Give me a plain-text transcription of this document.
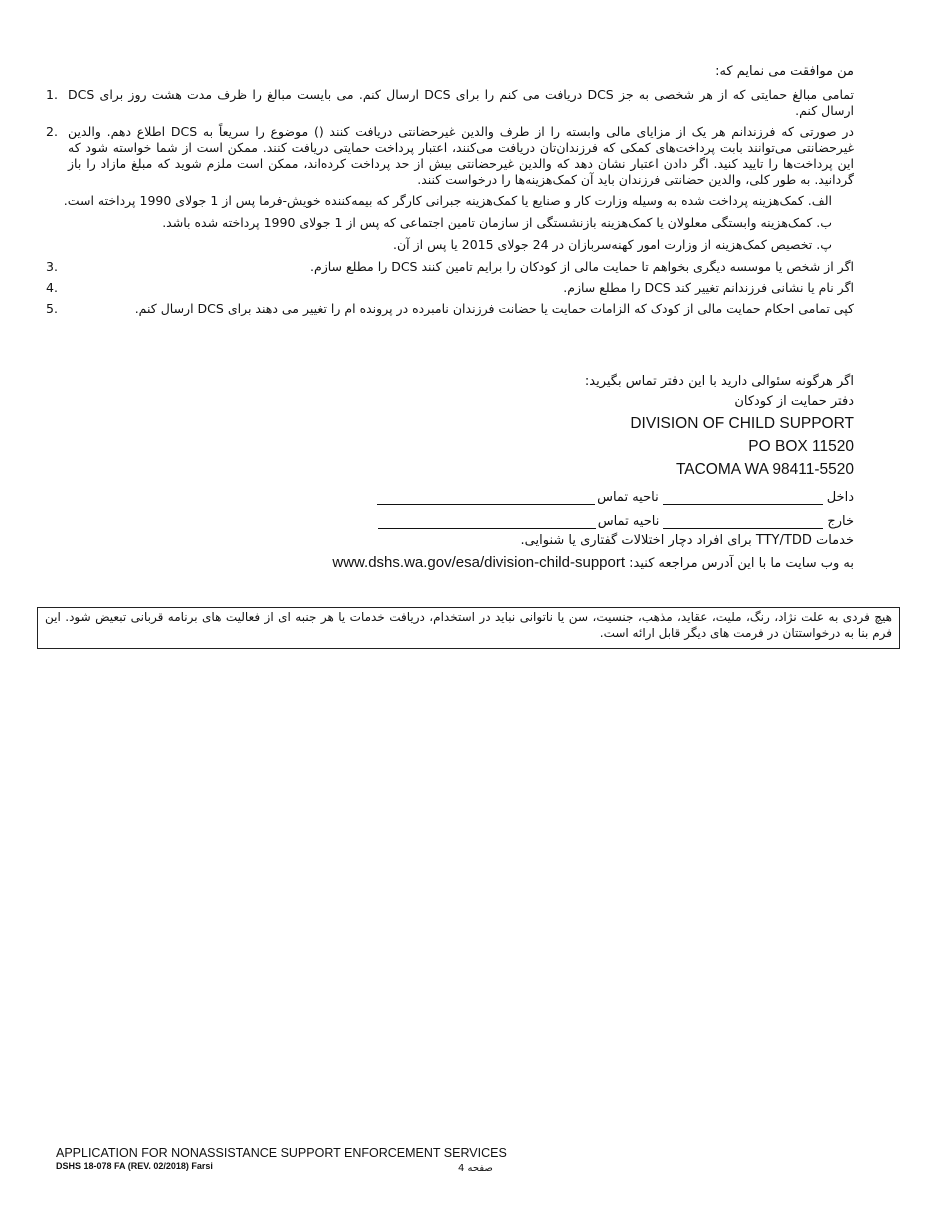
من موافقت می نمایم که:
1. تمامی مبالغ حمایتی که از هر شخصی به جز DCS دریافت می کنم را برای DCS ارسال کنم. می بایست مبالغ را ظرف مدت هشت روز برای DCS ارسال کنم.
2. در صورتی که فرزندانم هر یک از مزایای مالی وابسته را از طرف والدین غیرحضانتی دریافت کنند () موضوع را سریعاً به DCS اطلاع دهم. والدین غیرحضانتی می‌توانند بابت پرداخت‌های کمکی که فرزندان‌تان دریافت می‌کنند، اعتبار پرداخت حمایتی دریافت کنند. ممکن است از شما خواسته شود که این پرداخت‌ها را تایید کنید. اگر دادن اعتبار نشان دهد که والدین غیرحضانتی بیش از حد پرداخت کرده‌اند، ممکن است ملزم شوید که مبلغ مازاد را باز گردانید. به طور کلی، والدین حضانتی فرزندان باید آن کمک‌هزینه‌ها را درخواست کنند.
الف. کمک‌هزینه پرداخت شده به وسیله وزارت کار و صنایع یا کمک‌هزینه جبرانی کارگر که بیمه‌کننده خویش-فرما پس از 1 جولای 1990 پرداخته است.
ب. کمک‌هزینه وابستگی معلولان یا کمک‌هزینه بازنشستگی از سازمان تامین اجتماعی که پس از 1 جولای 1990 پرداخته شده باشد.
پ. تخصیص کمک‌هزینه از وزارت امور کهنه‌سربازان در 24 جولای 2015 یا پس از آن.
3.	اگر از شخص یا موسسه دیگری بخواهم تا حمایت مالی از کودکان را برایم تامین کنند DCS را مطلع سازم.
4.	اگر نام یا نشانی فرزندانم تغییر کند DCS را مطلع سازم.
5.	کپی تمامی احکام حمایت مالی از کودک که الزامات حمایت یا حضانت فرزندان نامبرده در پرونده ام را تغییر می دهند برای DCS ارسال کنم.
اگر هرگونه سئوالی دارید با این دفتر تماس بگیرید:
دفتر حمایت از کودکان
DIVISION OF CHILD SUPPORT
PO BOX 11520
TACOMA WA 98411-5520
داخل
ناحیه تماس
خارج
ناحیه تماس
خدمات TTY/TDD برای افراد دچار اختلالات گفتاری یا شنوایی.
به وب سایت ما با این آدرس مراجعه کنید: www.dshs.wa.gov/esa/division-child-support
هیچ فردی به علت نژاد، رنگ، ملیت، عقاید، مذهب، جنسیت، سن یا ناتوانی نباید در استخدام، دریافت خدمات یا هر جنبه ای از فعالیت های برنامه قربانی تبعیض شود. این فرم بنا به درخواستتان در فرمت های دیگر قابل ارائه است.
APPLICATION FOR NONASSISTANCE SUPPORT ENFORCEMENT SERVICES
DSHS 18-078 FA (REV. 02/2018) Farsi	صفحه 4
